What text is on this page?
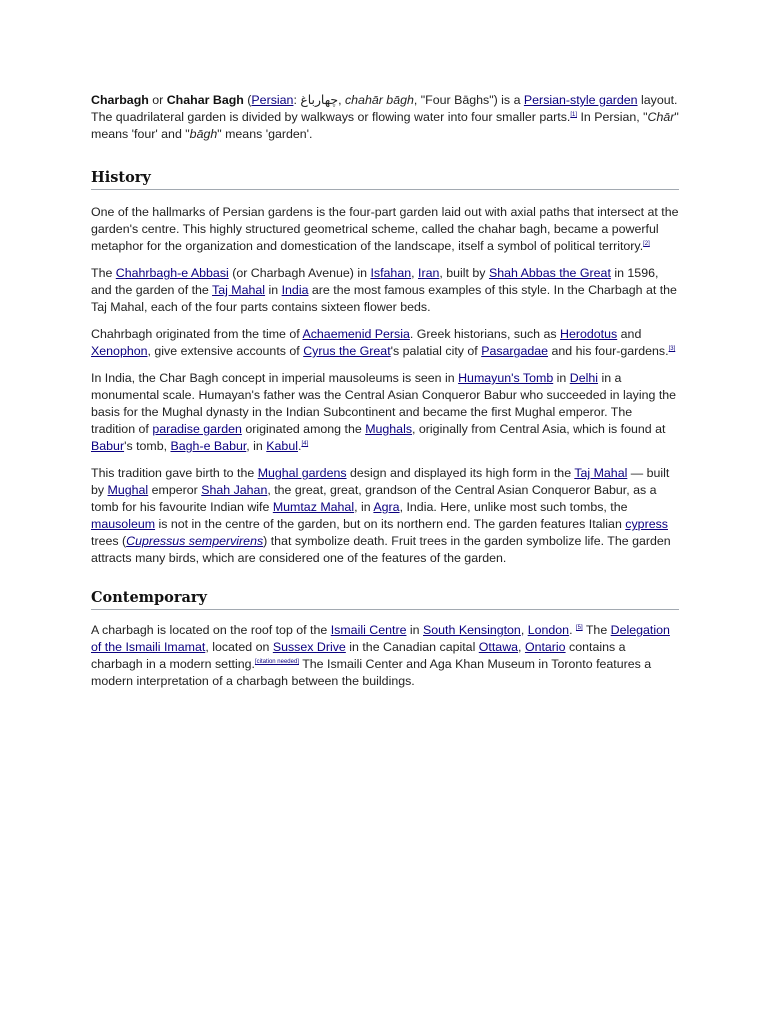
Charbagh or Chahar Bagh (Persian: چهارباغ, chahār bāgh, "Four Bāghs") is a Persian-style garden layout. The quadrilateral garden is divided by walkways or flowing water into four smaller parts.[1] In Persian, "Chār" means 'four' and "bāgh" means 'garden'.

History

One of the hallmarks of Persian gardens is the four-part garden laid out with axial paths that intersect at the garden's centre. This highly structured geometrical scheme, called the chahar bagh, became a powerful metaphor for the organization and domestication of the landscape, itself a symbol of political territory.[2]

The Chahrbagh-e Abbasi (or Charbagh Avenue) in Isfahan, Iran, built by Shah Abbas the Great in 1596, and the garden of the Taj Mahal in India are the most famous examples of this style. In the Charbagh at the Taj Mahal, each of the four parts contains sixteen flower beds.

Chahrbagh originated from the time of Achaemenid Persia. Greek historians, such as Herodotus and Xenophon, give extensive accounts of Cyrus the Great's palatial city of Pasargadae and his four-gardens.[3]

In India, the Char Bagh concept in imperial mausoleums is seen in Humayun's Tomb in Delhi in a monumental scale. Humayan's father was the Central Asian Conqueror Babur who succeeded in laying the basis for the Mughal dynasty in the Indian Subcontinent and became the first Mughal emperor. The tradition of paradise garden originated among the Mughals, originally from Central Asia, which is found at Babur's tomb, Bagh-e Babur, in Kabul.[4]

This tradition gave birth to the Mughal gardens design and displayed its high form in the Taj Mahal — built by Mughal emperor Shah Jahan, the great, great, grandson of the Central Asian Conqueror Babur, as a tomb for his favourite Indian wife Mumtaz Mahal, in Agra, India. Here, unlike most such tombs, the mausoleum is not in the centre of the garden, but on its northern end. The garden features Italian cypress trees (Cupressus sempervirens) that symbolize death. Fruit trees in the garden symbolize life. The garden attracts many birds, which are considered one of the features of the garden.

Contemporary

A charbagh is located on the roof top of the Ismaili Centre in South Kensington, London. [5] The Delegation of the Ismaili Imamat, located on Sussex Drive in the Canadian capital Ottawa, Ontario contains a charbagh in a modern setting.[citation needed] The Ismaili Center and Aga Khan Museum in Toronto features a modern interpretation of a charbagh between the buildings.
